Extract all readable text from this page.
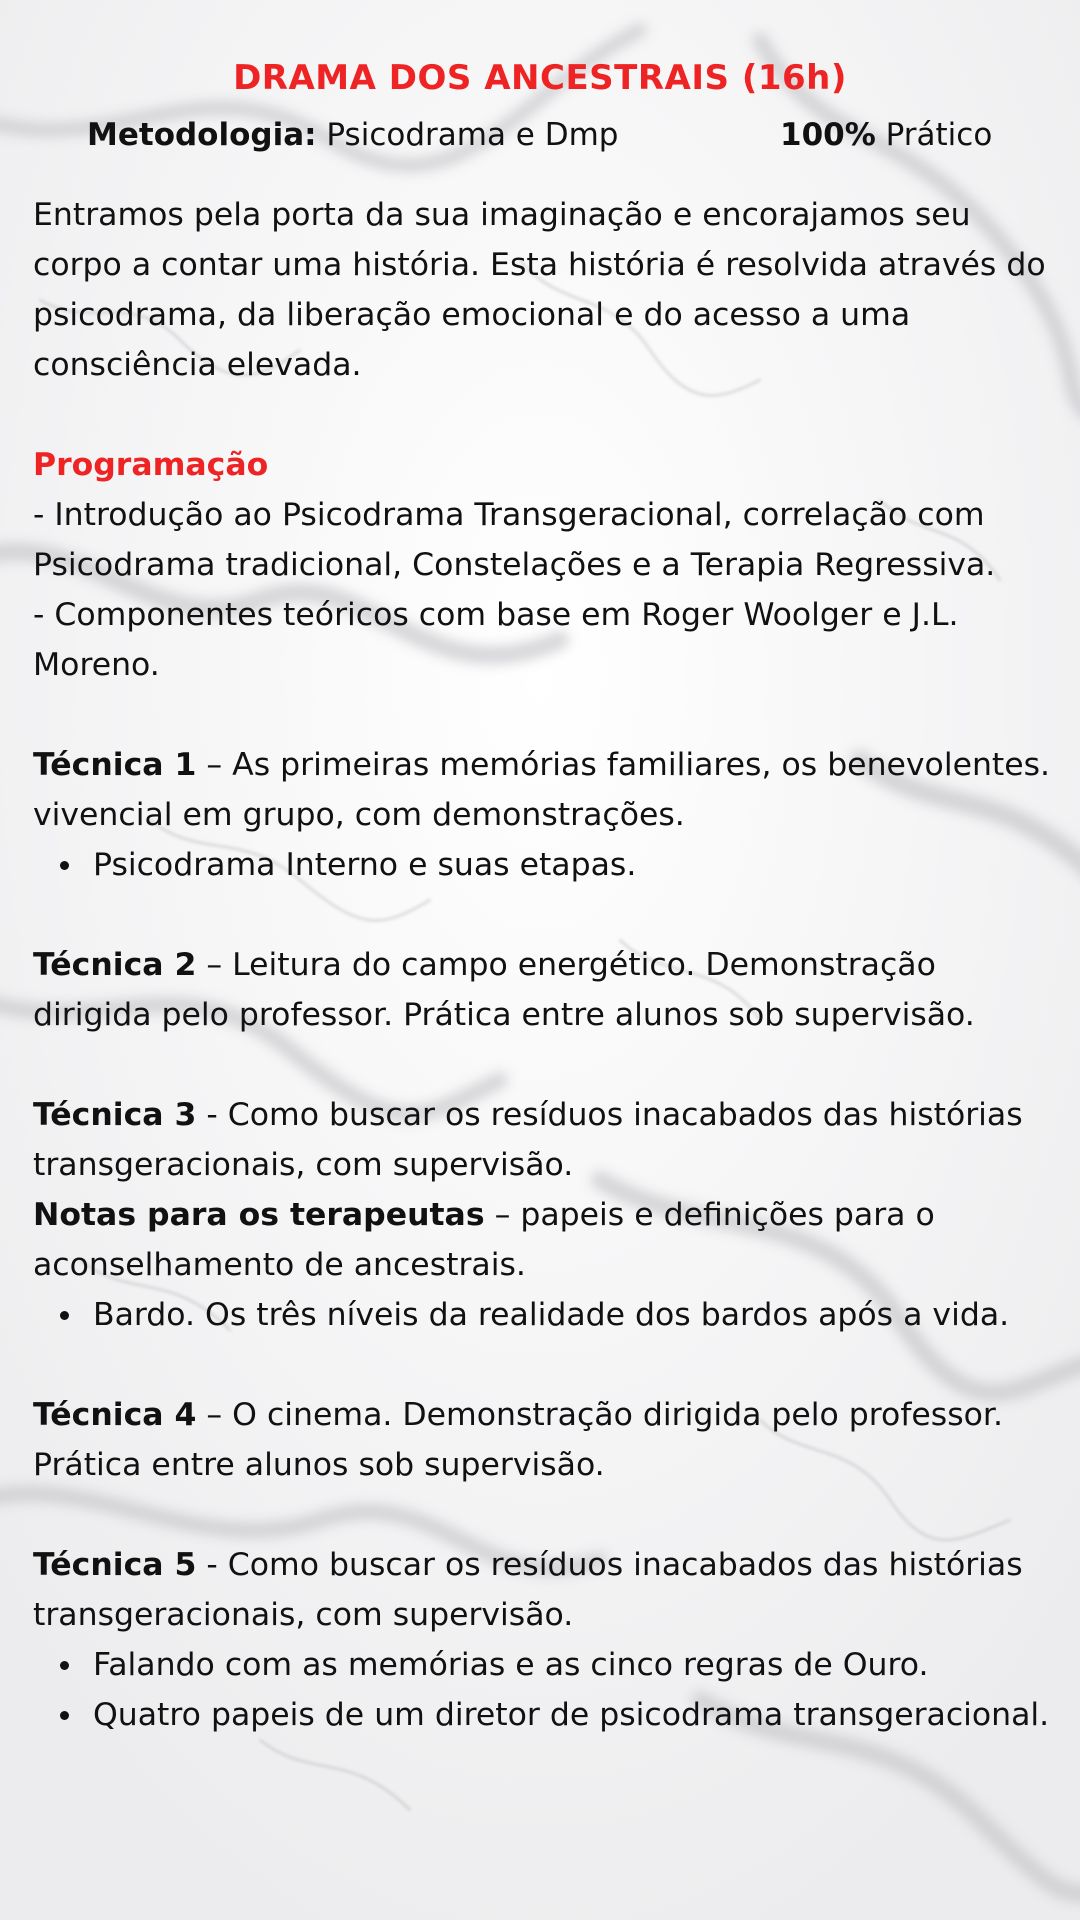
DRAMA DOS ANCESTRAIS (16h)
Metodologia: Psicodrama e Dmp	100% Prático

Entramos pela porta da sua imaginação e encorajamos seu corpo a contar uma história. Esta história é resolvida através do psicodrama, da liberação emocional e do acesso a uma consciência elevada.

Programação

- Introdução ao Psicodrama Transgeracional, correlação com Psicodrama tradicional, Constelações e a Terapia Regressiva.

- Componentes teóricos com base em Roger Woolger e J.L. Moreno.

Técnica 1 – As primeiras memórias familiares, os benevolentes. vivencial em grupo, com demonstrações.

Psicodrama Interno e suas etapas.

Técnica 2 – Leitura do campo energético. Demonstração dirigida pelo professor. Prática entre alunos sob supervisão.

Técnica 3 - Como buscar os resíduos inacabados das histórias transgeracionais, com supervisão.

Notas para os terapeutas – papeis e definições para o aconselhamento de ancestrais.

Bardo. Os três níveis da realidade dos bardos após a vida.

Técnica 4 – O cinema. Demonstração dirigida pelo professor. Prática entre alunos sob supervisão.

Técnica 5 - Como buscar os resíduos inacabados das histórias transgeracionais, com supervisão.

Falando com as memórias e as cinco regras de Ouro.
Quatro papeis de um diretor de psicodrama transgeracional.
